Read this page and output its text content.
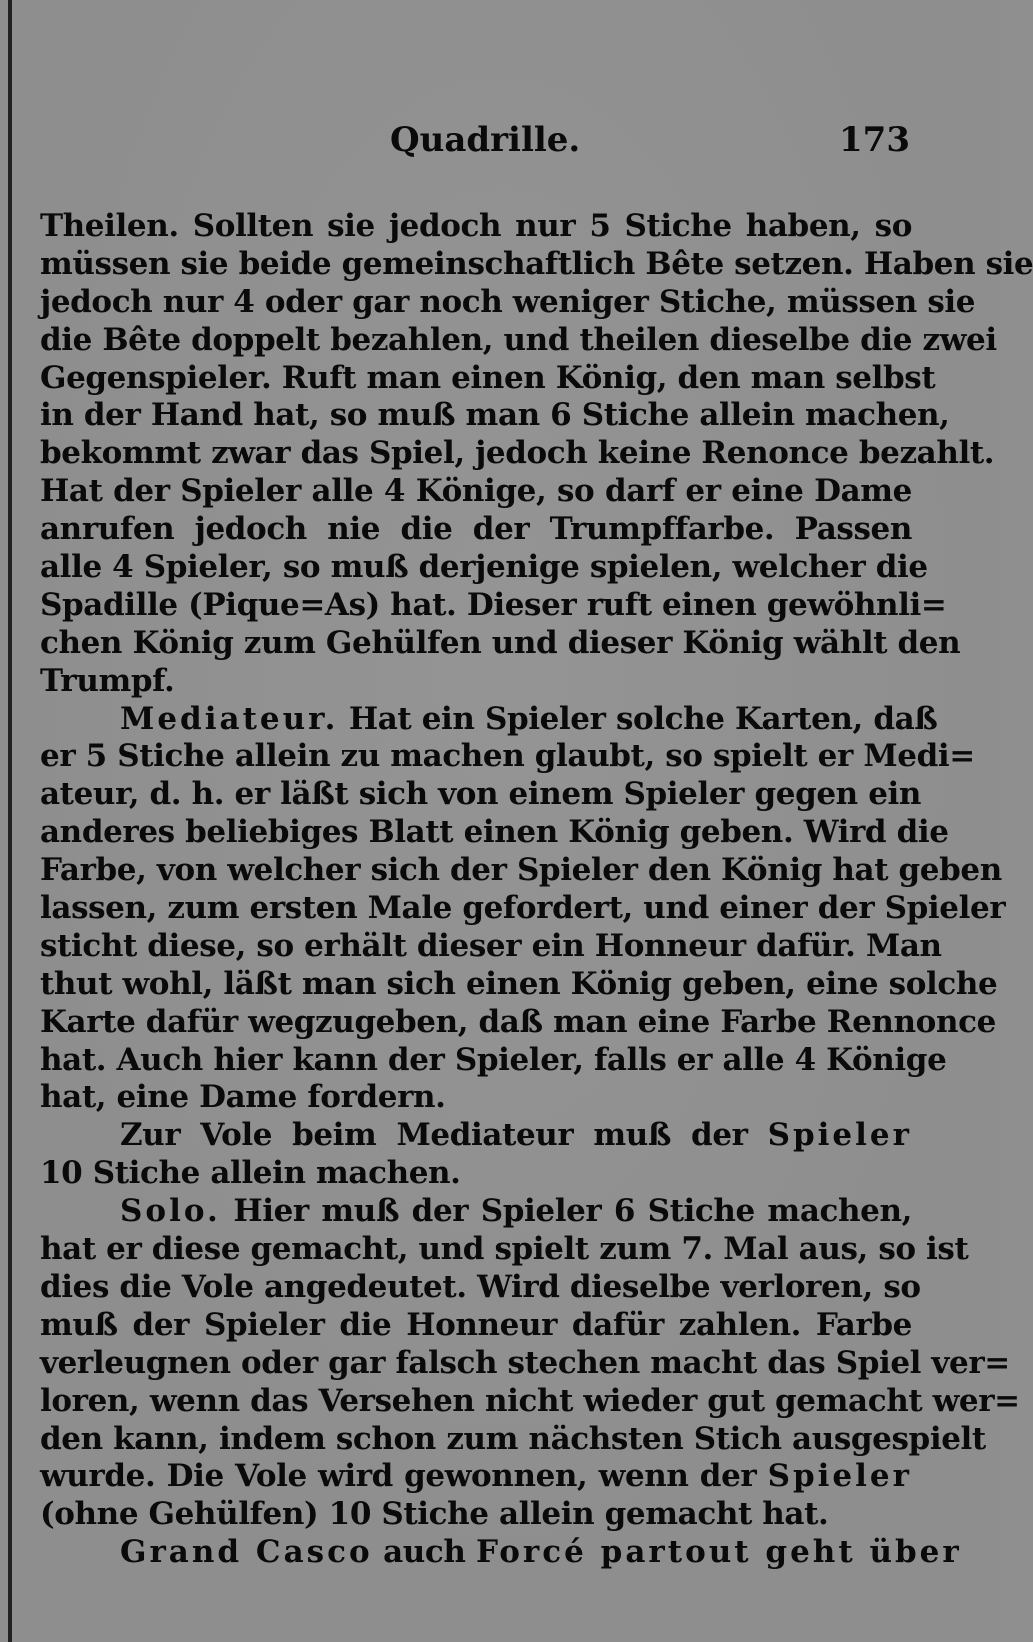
Quadrille.	173
Theilen. Sollten sie jedoch nur 5 Stiche haben, so
müssen sie beide gemeinschaftlich Bête setzen. Haben sie
jedoch nur 4 oder gar noch weniger Stiche, müssen sie
die Bête doppelt bezahlen, und theilen dieselbe die zwei
Gegenspieler. Ruft man einen König, den man selbst
in der Hand hat, so muß man 6 Stiche allein machen,
bekommt zwar das Spiel, jedoch keine Renonce bezahlt.
Hat der Spieler alle 4 Könige, so darf er eine Dame
anrufen jedoch nie die der Trumpffarbe. Passen
alle 4 Spieler, so muß derjenige spielen, welcher die
Spadille (Pique=As) hat. Dieser ruft einen gewöhnli=
chen König zum Gehülfen und dieser König wählt den
Trumpf.
Mediateur. Hat ein Spieler solche Karten, daß
er 5 Stiche allein zu machen glaubt, so spielt er Medi=
ateur, d. h. er läßt sich von einem Spieler gegen ein
anderes beliebiges Blatt einen König geben. Wird die
Farbe, von welcher sich der Spieler den König hat geben
lassen, zum ersten Male gefordert, und einer der Spieler
sticht diese, so erhält dieser ein Honneur dafür. Man
thut wohl, läßt man sich einen König geben, eine solche
Karte dafür wegzugeben, daß man eine Farbe Rennonce
hat. Auch hier kann der Spieler, falls er alle 4 Könige
hat, eine Dame fordern.
Zur Vole beim Mediateur muß der Spieler
10 Stiche allein machen.
Solo. Hier muß der Spieler 6 Stiche machen,
hat er diese gemacht, und spielt zum 7. Mal aus, so ist
dies die Vole angedeutet. Wird dieselbe verloren, so
muß der Spieler die Honneur dafür zahlen. Farbe
verleugnen oder gar falsch stechen macht das Spiel ver=
loren, wenn das Versehen nicht wieder gut gemacht wer=
den kann, indem schon zum nächsten Stich ausgespielt
wurde. Die Vole wird gewonnen, wenn der Spieler
(ohne Gehülfen) 10 Stiche allein gemacht hat.
Grand Casco auch Forcé partout geht über
